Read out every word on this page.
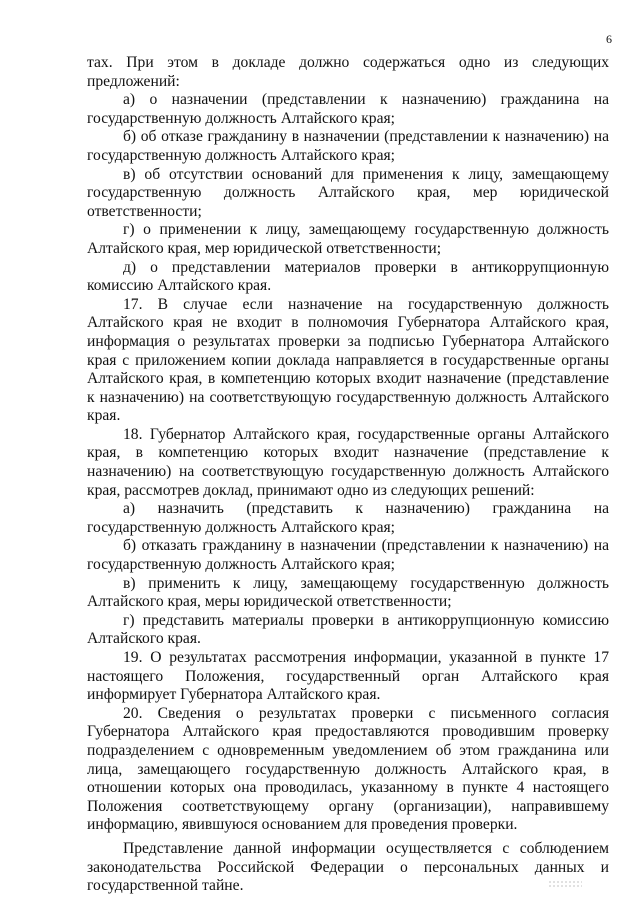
6

тах. При этом в докладе должно содержаться одно из следующих предложений:

а) о назначении (представлении к назначению) гражданина на государственную должность Алтайского края;

б) об отказе гражданину в назначении (представлении к назначению) на государственную должность Алтайского края;

в) об отсутствии оснований для применения к лицу, замещающему государственную должность Алтайского края, мер юридической ответственности;

г) о применении к лицу, замещающему государственную должность Алтайского края, мер юридической ответственности;

д) о представлении материалов проверки в антикоррупционную комиссию Алтайского края.

17. В случае если назначение на государственную должность Алтайского края не входит в полномочия Губернатора Алтайского края, информация о результатах проверки за подписью Губернатора Алтайского края с приложением копии доклада направляется в государственные органы Алтайского края, в компетенцию которых входит назначение (представление к назначению) на соответствующую государственную должность Алтайского края.

18. Губернатор Алтайского края, государственные органы Алтайского края, в компетенцию которых входит назначение (представление к назначению) на соответствующую государственную должность Алтайского края, рассмотрев доклад, принимают одно из следующих решений:

а) назначить (представить к назначению) гражданина на государственную должность Алтайского края;

б) отказать гражданину в назначении (представлении к назначению) на государственную должность Алтайского края;

в) применить к лицу, замещающему государственную должность Алтайского края, меры юридической ответственности;

г) представить материалы проверки в антикоррупционную комиссию Алтайского края.

19. О результатах рассмотрения информации, указанной в пункте 17 настоящего Положения, государственный орган Алтайского края информирует Губернатора Алтайского края.

20. Сведения о результатах проверки с письменного согласия Губернатора Алтайского края предоставляются проводившим проверку подразделением с одновременным уведомлением об этом гражданина или лица, замещающего государственную должность Алтайского края, в отношении которых она проводилась, указанному в пункте 4 настоящего Положения соответствующему органу (организации), направившему информацию, явившуюся основанием для проведения проверки.

Представление данной информации осуществляется с соблюдением законодательства Российской Федерации о персональных данных и государственной тайне.
